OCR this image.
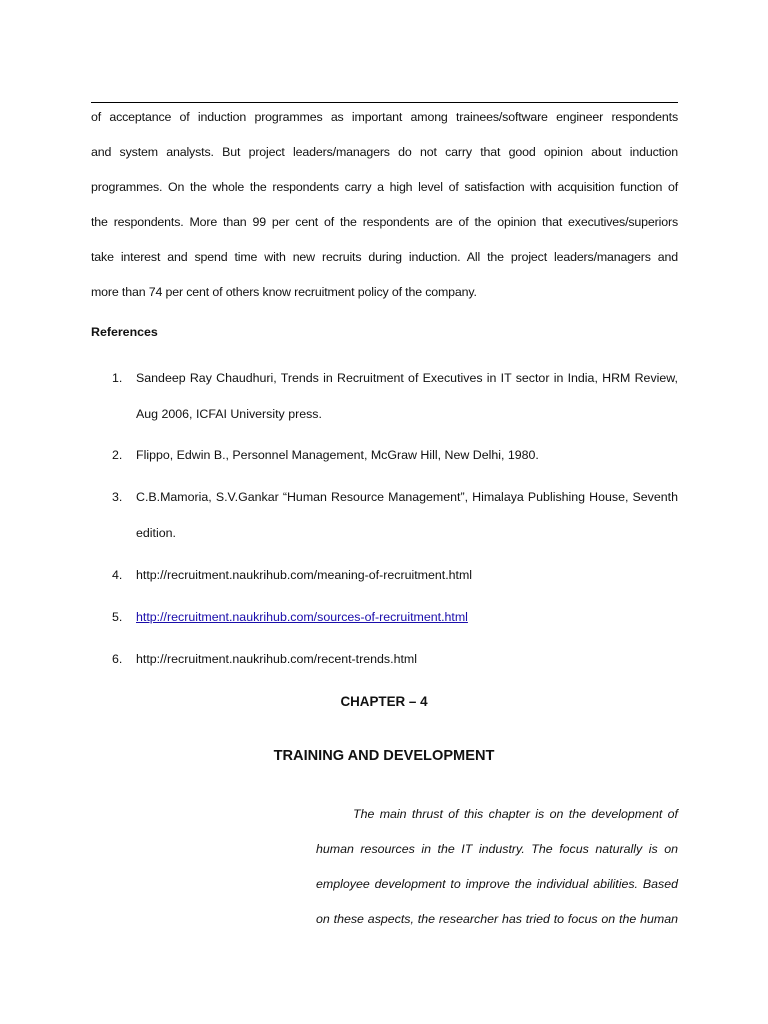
of acceptance of induction programmes as important among trainees/software engineer respondents
and system analysts. But project leaders/managers do not carry that good opinion about induction
programmes. On the whole the respondents carry a high level of satisfaction with acquisition function of
the respondents. More than 99 per cent of the respondents are of the opinion that executives/superiors
take interest and spend time with new recruits during induction. All the project leaders/managers and
more than 74 per cent of others know recruitment policy of the company.
References
1. Sandeep Ray Chaudhuri, Trends in Recruitment of Executives in IT sector in India, HRM Review,
Aug 2006, ICFAI University press.
2. Flippo, Edwin B., Personnel Management, McGraw Hill, New Delhi, 1980.
3. C.B.Mamoria, S.V.Gankar “Human Resource Management”, Himalaya Publishing House, Seventh
edition.
4. http://recruitment.naukrihub.com/meaning-of-recruitment.html
5. http://recruitment.naukrihub.com/sources-of-recruitment.html
6. http://recruitment.naukrihub.com/recent-trends.html
CHAPTER – 4
TRAINING AND DEVELOPMENT
The main thrust of this chapter is on the development of
human resources in the IT industry. The focus naturally is on
employee development to improve the individual abilities. Based
on these aspects, the researcher has tried to focus on the human
